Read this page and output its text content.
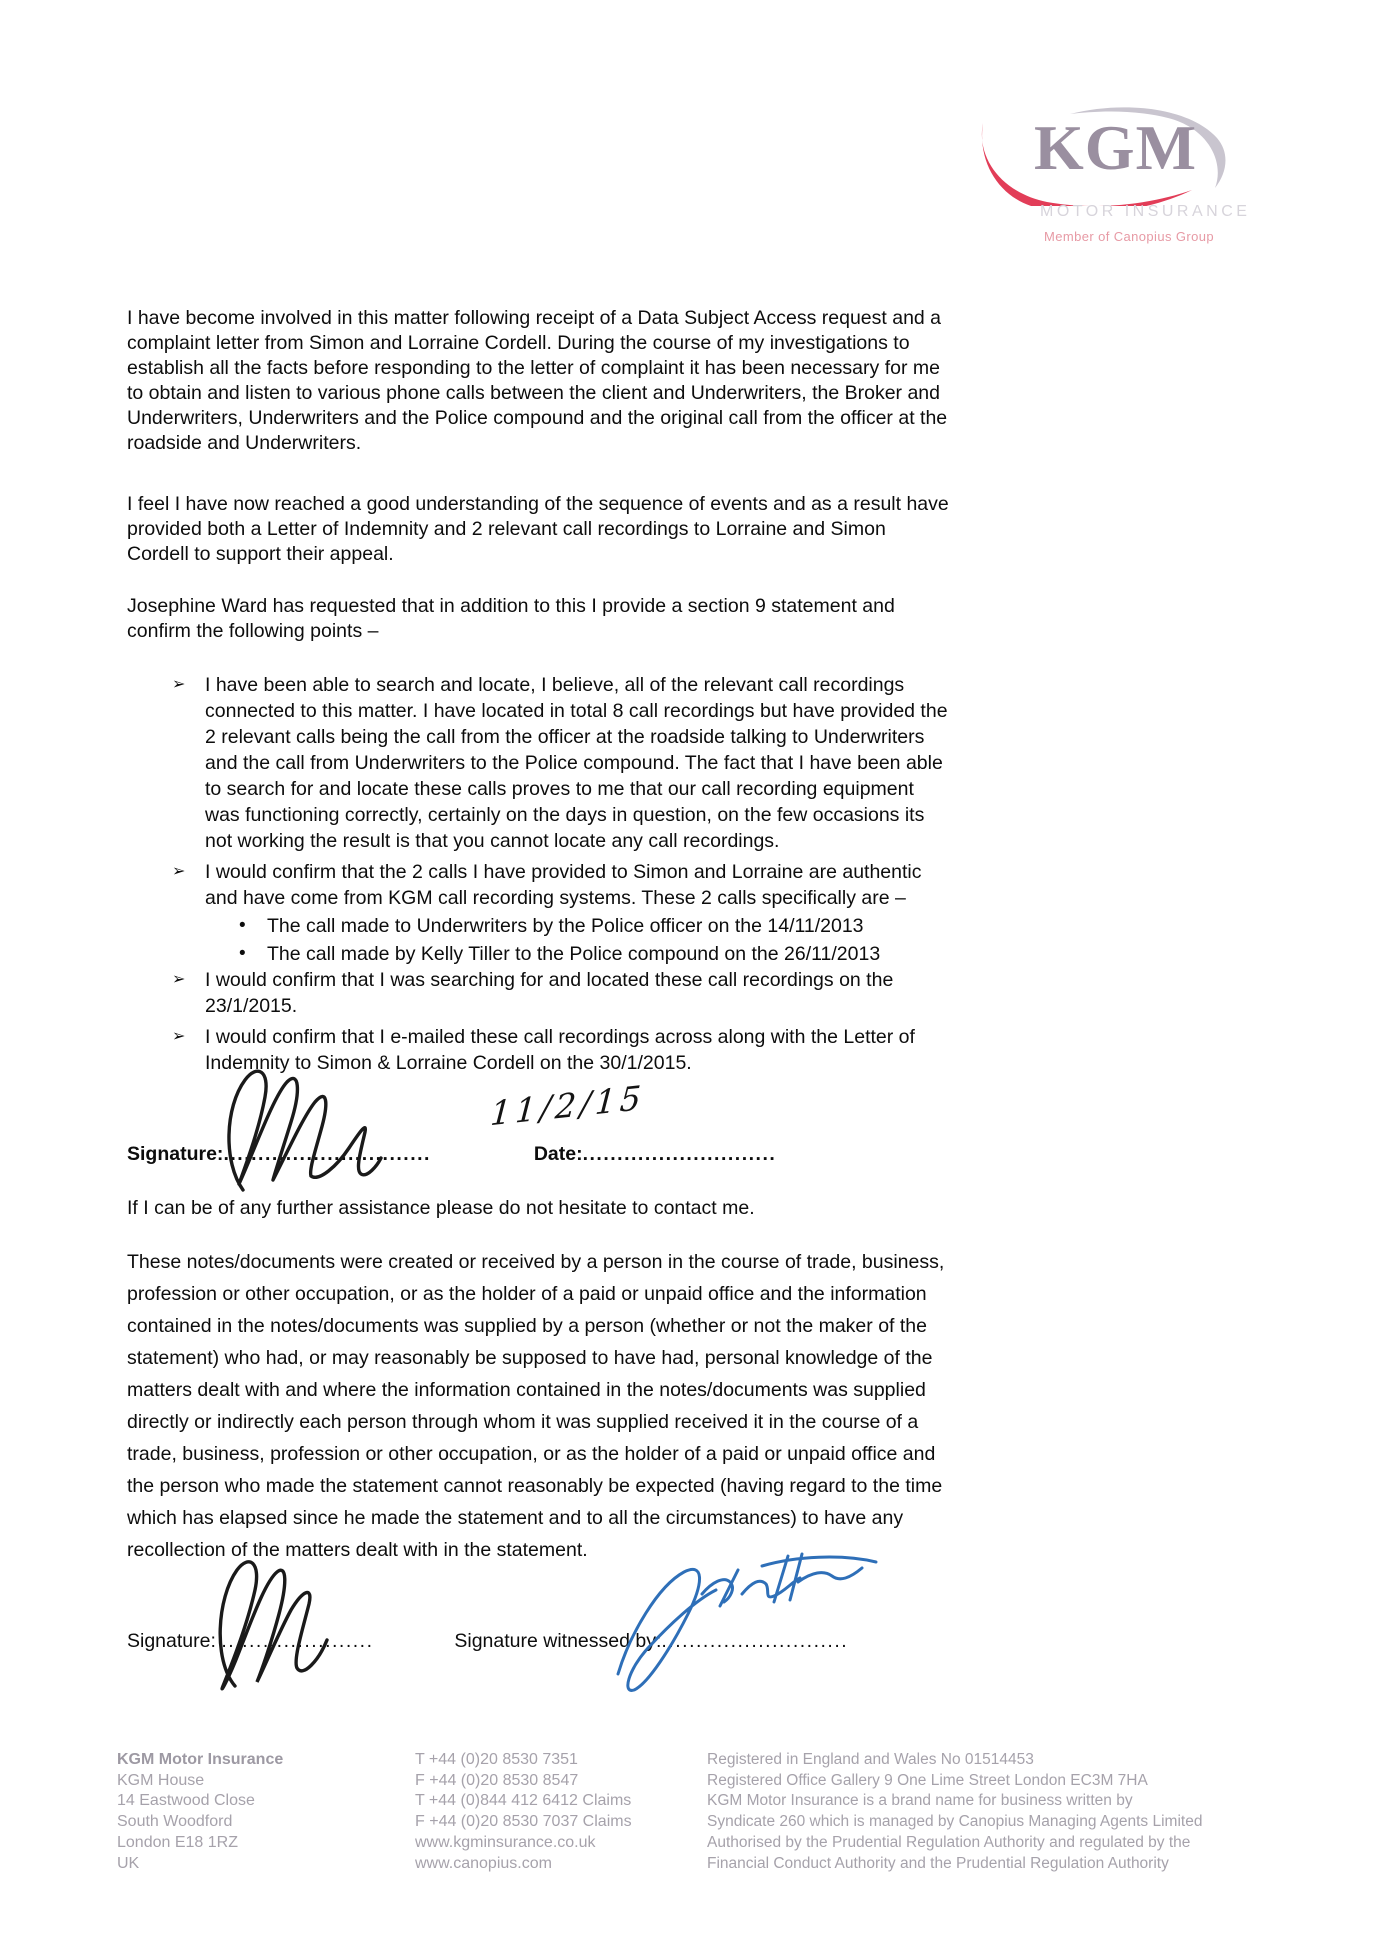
KGM
MOTOR INSURANCE
Member of Canopius Group

I have become involved in this matter following receipt of a Data Subject Access request and a complaint letter from Simon and Lorraine Cordell. During the course of my investigations to establish all the facts before responding to the letter of complaint it has been necessary for me to obtain and listen to various phone calls between the client and Underwriters, the Broker and Underwriters, Underwriters and the Police compound and the original call from the officer at the roadside and Underwriters.

I feel I have now reached a good understanding of the sequence of events and as a result have provided both a Letter of Indemnity and 2 relevant call recordings to Lorraine and Simon Cordell to support their appeal.

Josephine Ward has requested that in addition to this I provide a section 9 statement and confirm the following points –

➢	I have been able to search and locate, I believe, all of the relevant call recordings connected to this matter. I have located in total 8 call recordings but have provided the 2 relevant calls being the call from the officer at the roadside talking to Underwriters and the call from Underwriters to the Police compound. The fact that I have been able to search for and locate these calls proves to me that our call recording equipment was functioning correctly, certainly on the days in question, on the few occasions its not working the result is that you cannot locate any call recordings.
➢	I would confirm that the 2 calls I have provided to Simon and Lorraine are authentic and have come from KGM call recording systems. These 2 calls specifically are –
•	The call made to Underwriters by the Police officer on the 14/11/2013
•	The call made by Kelly Tiller to the Police compound on the 26/11/2013
➢	I would confirm that I was searching for and located these call recordings on the 23/1/2015.
➢	I would confirm that I e-mailed these call recordings across along with the Letter of Indemnity to Simon & Lorraine Cordell on the 30/1/2015.
Signature:..............................	Date:............................
11/2/15

If I can be of any further assistance please do not hesitate to contact me.

These notes/documents were created or received by a person in the course of trade, business, profession or other occupation, or as the holder of a paid or unpaid office and the information contained in the notes/documents was supplied by a person (whether or not the maker of the statement) who had, or may reasonably be supposed to have had, personal knowledge of the matters dealt with and where the information contained in the notes/documents was supplied directly or indirectly each person through whom it was supplied received it in the course of a trade, business, profession or other occupation, or as the holder of a paid or unpaid office and the person who made the statement cannot reasonably be expected (having regard to the time which has elapsed since he made the statement and to all the circumstances) to have any recollection of the matters dealt with in the statement.

Signature: ......................	Signature witnessed by:...........................
KGM Motor Insurance
KGM House
14 Eastwood Close
South Woodford
London E18 1RZ
UK
T +44 (0)20 8530 7351
F +44 (0)20 8530 8547
T +44 (0)844 412 6412 Claims
F +44 (0)20 8530 7037 Claims
www.kgminsurance.co.uk
www.canopius.com
Registered in England and Wales No 01514453
Registered Office Gallery 9 One Lime Street London EC3M 7HA
KGM Motor Insurance is a brand name for business written by
Syndicate 260 which is managed by Canopius Managing Agents Limited
Authorised by the Prudential Regulation Authority and regulated by the
Financial Conduct Authority and the Prudential Regulation Authority
